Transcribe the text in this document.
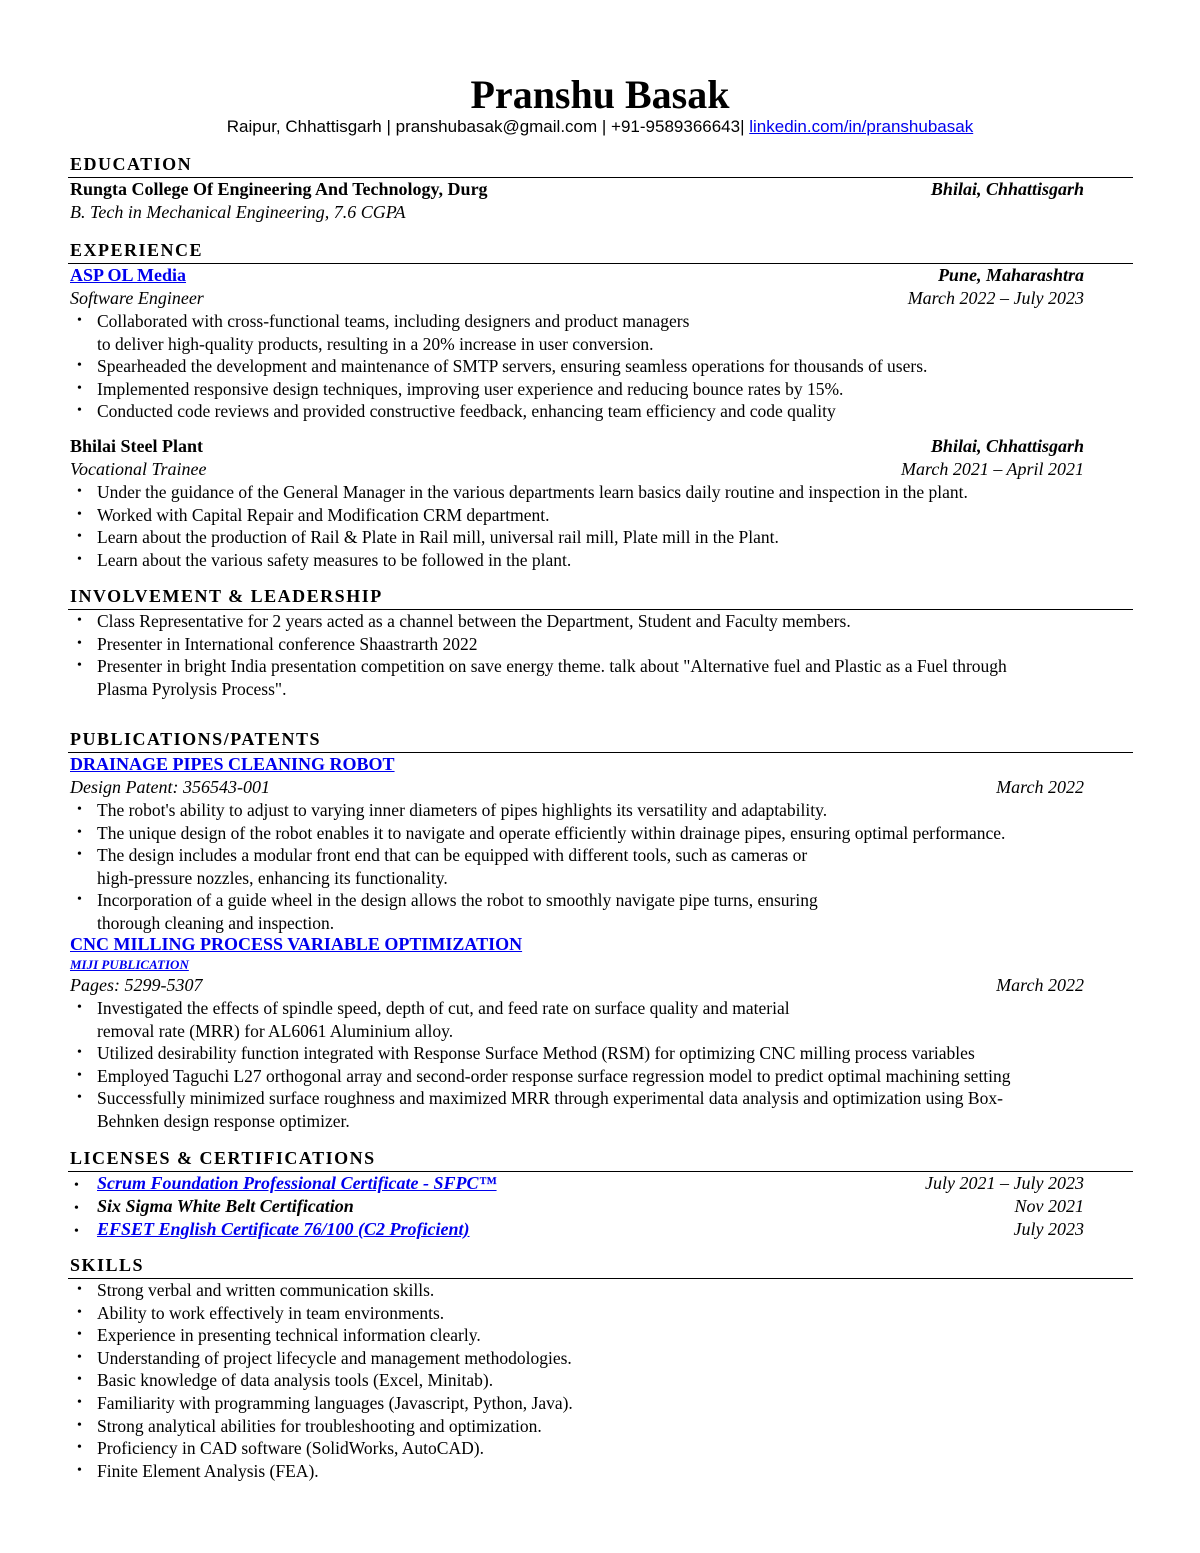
Pranshu Basak
Raipur, Chhattisgarh | pranshubasak@gmail.com | +91-9589366643| linkedin.com/in/pranshubasak
EDUCATION
Rungta College Of Engineering And Technology, Durg	Bhilai, Chhattisgarh
B. Tech in Mechanical Engineering, 7.6 CGPA
EXPERIENCE
ASP OL Media	Pune, Maharashtra
Software Engineer	March 2022 – July 2023
• Collaborated with cross-functional teams, including designers and product managers
to deliver high-quality products, resulting in a 20% increase in user conversion.
• Spearheaded the development and maintenance of SMTP servers, ensuring seamless operations for thousands of users.
• Implemented responsive design techniques, improving user experience and reducing bounce rates by 15%.
• Conducted code reviews and provided constructive feedback, enhancing team efficiency and code quality
Bhilai Steel Plant	Bhilai, Chhattisgarh
Vocational Trainee	March 2021 – April 2021
• Under the guidance of the General Manager in the various departments learn basics daily routine and inspection in the plant.
• Worked with Capital Repair and Modification CRM department.
• Learn about the production of Rail & Plate in Rail mill, universal rail mill, Plate mill in the Plant.
• Learn about the various safety measures to be followed in the plant.
INVOLVEMENT & LEADERSHIP
• Class Representative for 2 years acted as a channel between the Department, Student and Faculty members.
• Presenter in International conference Shaastrarth 2022
• Presenter in bright India presentation competition on save energy theme. talk about "Alternative fuel and Plastic as a Fuel through
Plasma Pyrolysis Process".
PUBLICATIONS/PATENTS
DRAINAGE PIPES CLEANING ROBOT
Design Patent: 356543-001	March 2022
• The robot's ability to adjust to varying inner diameters of pipes highlights its versatility and adaptability.
• The unique design of the robot enables it to navigate and operate efficiently within drainage pipes, ensuring optimal performance.
• The design includes a modular front end that can be equipped with different tools, such as cameras or
high-pressure nozzles, enhancing its functionality.
• Incorporation of a guide wheel in the design allows the robot to smoothly navigate pipe turns, ensuring
thorough cleaning and inspection.
CNC MILLING PROCESS VARIABLE OPTIMIZATION
MIJI PUBLICATION
Pages: 5299-5307	March 2022
• Investigated the effects of spindle speed, depth of cut, and feed rate on surface quality and material
removal rate (MRR) for AL6061 Aluminium alloy.
• Utilized desirability function integrated with Response Surface Method (RSM) for optimizing CNC milling process variables
• Employed Taguchi L27 orthogonal array and second-order response surface regression model to predict optimal machining setting
• Successfully minimized surface roughness and maximized MRR through experimental data analysis and optimization using Box-
Behnken design response optimizer.
LICENSES & CERTIFICATIONS
• Scrum Foundation Professional Certificate - SFPC™	July 2021 – July 2023
• Six Sigma White Belt Certification	Nov 2021
• EFSET English Certificate 76/100 (C2 Proficient)	July 2023
SKILLS
• Strong verbal and written communication skills.
• Ability to work effectively in team environments.
• Experience in presenting technical information clearly.
• Understanding of project lifecycle and management methodologies.
• Basic knowledge of data analysis tools (Excel, Minitab).
• Familiarity with programming languages (Javascript, Python, Java).
• Strong analytical abilities for troubleshooting and optimization.
• Proficiency in CAD software (SolidWorks, AutoCAD).
• Finite Element Analysis (FEA).
